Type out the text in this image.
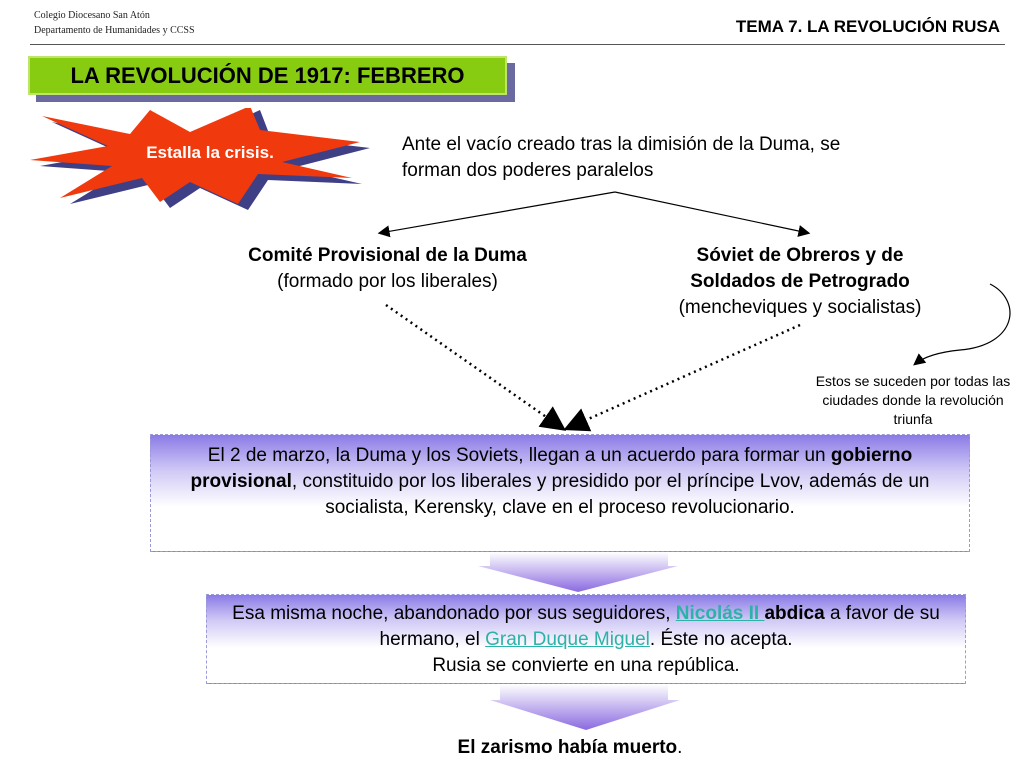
Colegio Diocesano San Atón
Departamento de Humanidades y CCSS	TEMA 7. LA REVOLUCIÓN RUSA
LA REVOLUCIÓN DE 1917: FEBRERO
Estalla la crisis.	Ante el vacío creado tras la dimisión de la Duma, se forman dos poderes paralelos
Comité Provisional de la Duma
(formado por los liberales)
Sóviet de Obreros y de
Soldados de Petrogrado
(mencheviques y socialistas)
Estos se suceden por todas las ciudades donde la revolución triunfa
El 2 de marzo, la Duma y los Soviets, llegan a un acuerdo para formar un gobierno provisional, constituido por los liberales y presidido por el príncipe Lvov, además de un socialista, Kerensky, clave en el proceso revolucionario.
Esa misma noche, abandonado por sus seguidores, Nicolás II abdica a favor de su hermano, el Gran Duque Miguel. Éste no acepta.
Rusia se convierte en una república.
El zarismo había muerto.
